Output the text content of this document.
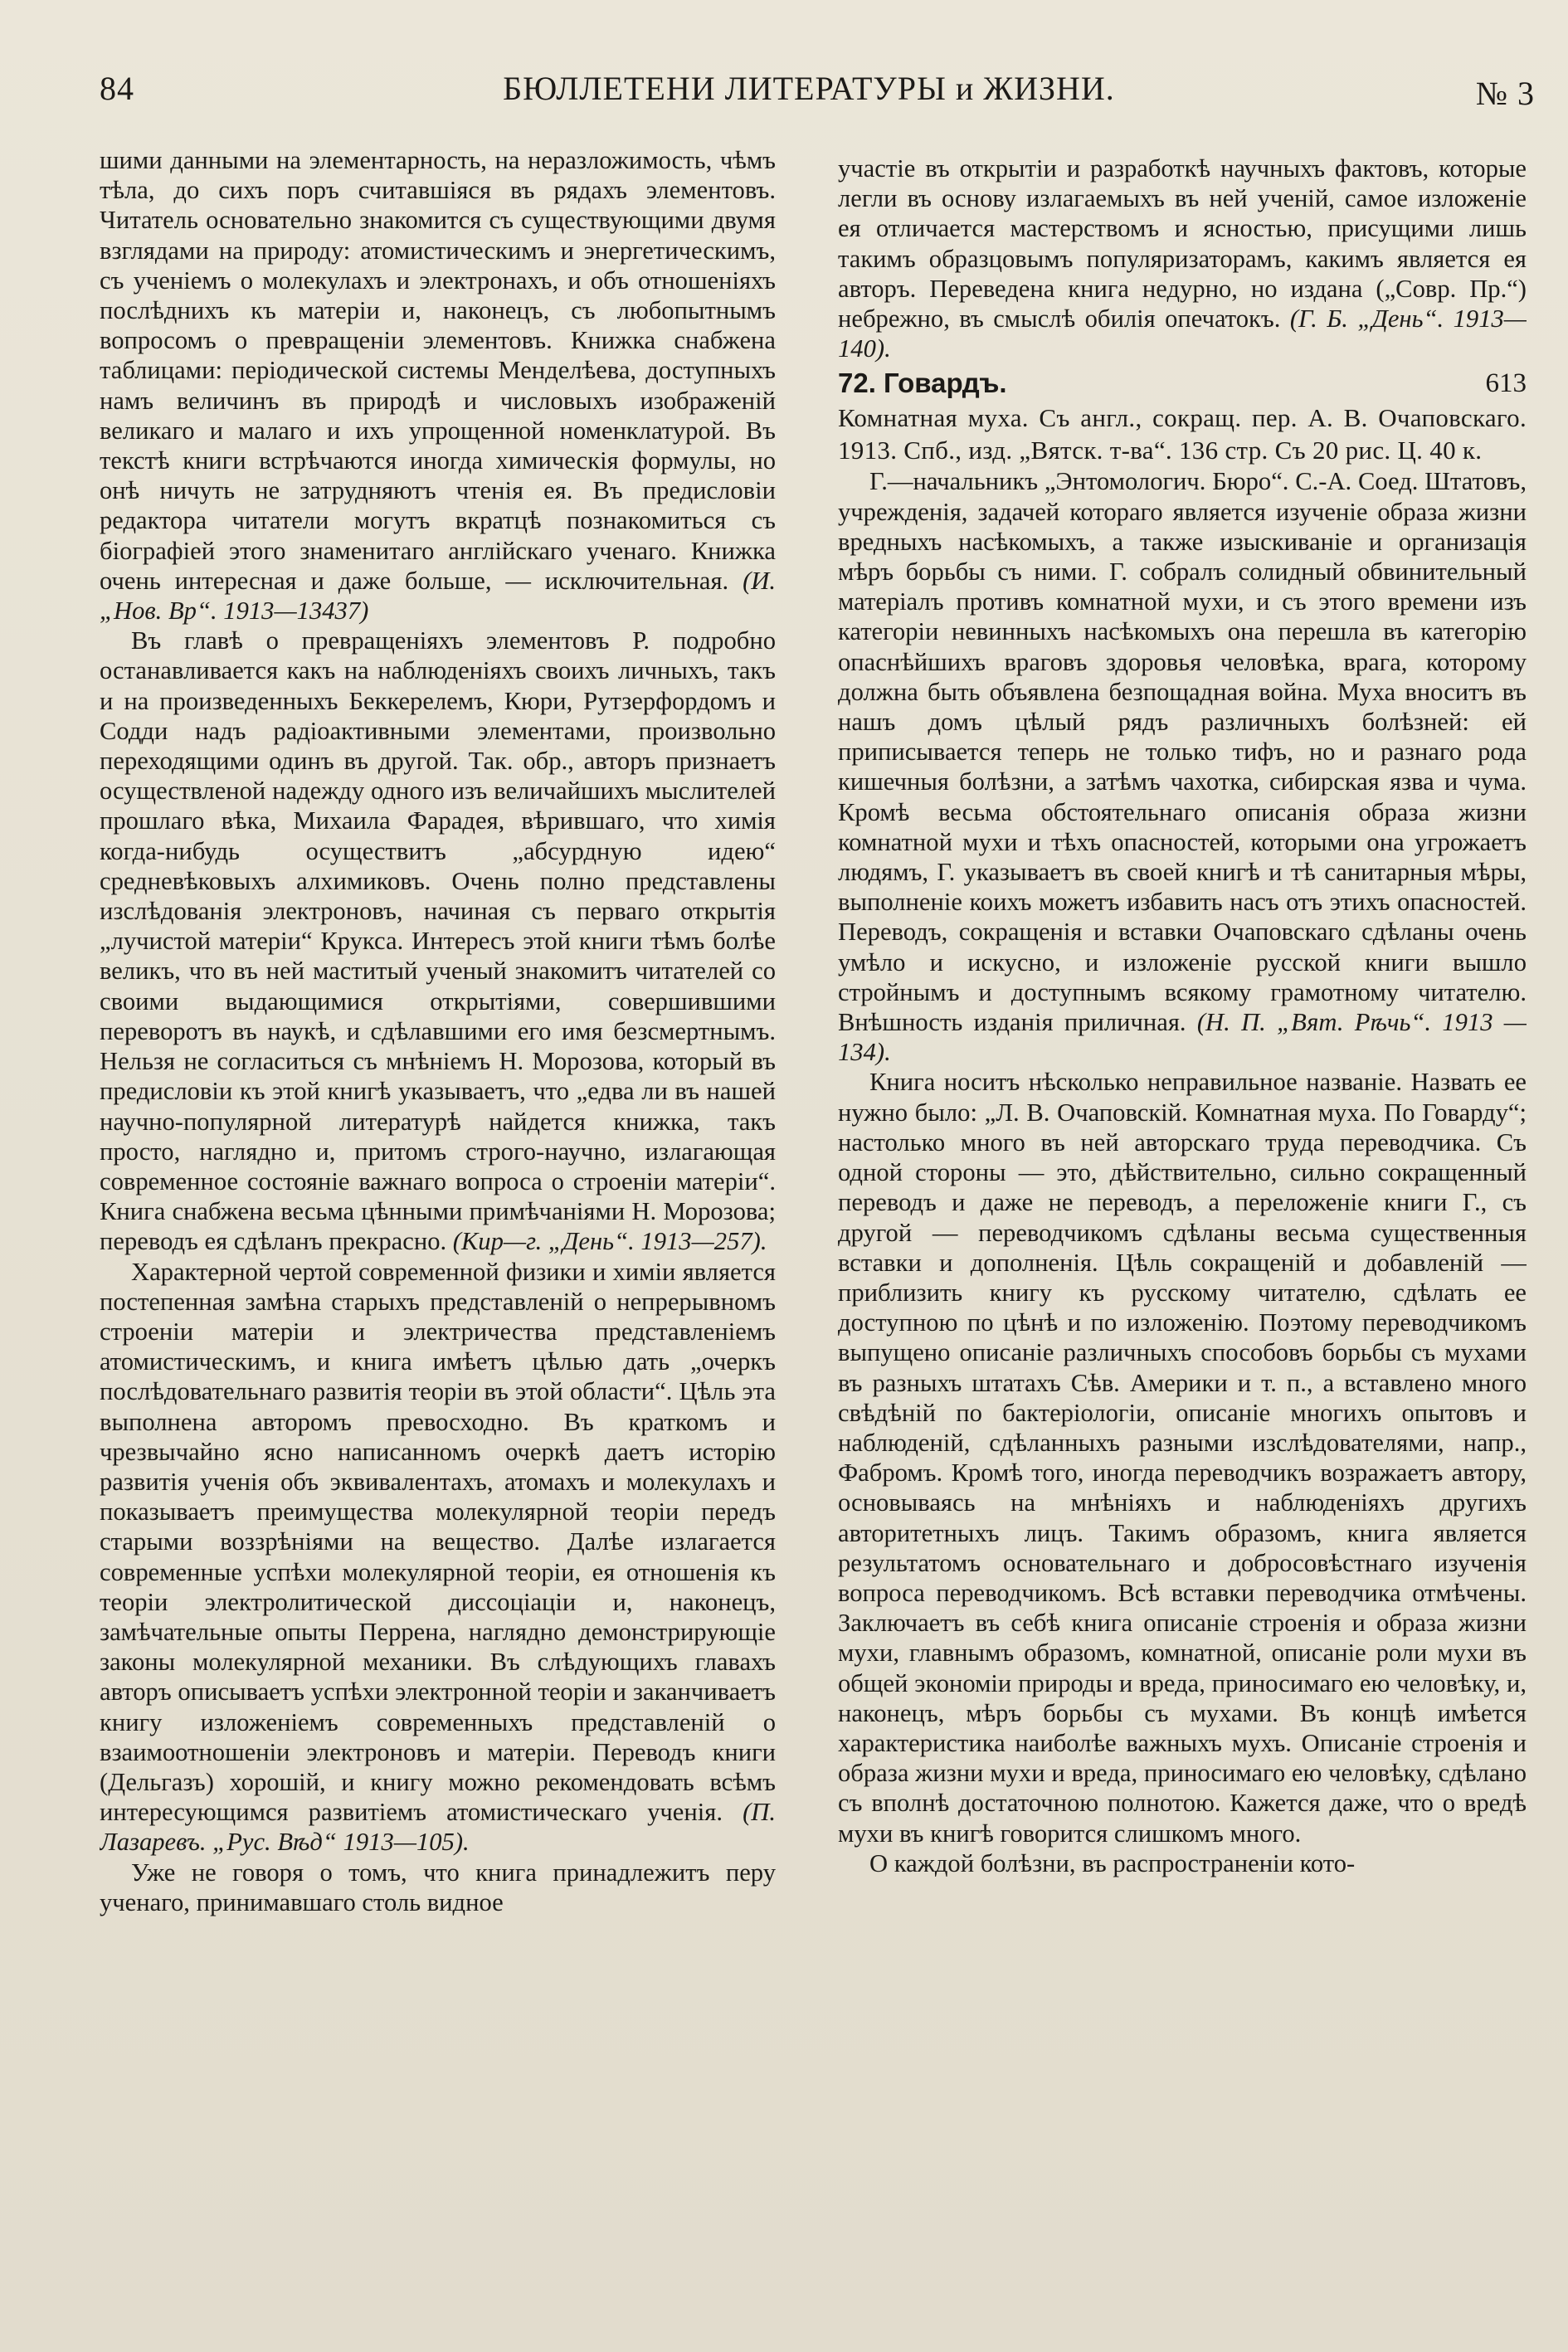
84	БЮЛЛЕТЕНИ ЛИТЕРАТУРЫ и ЖИЗНИ.	№ 3

шими данными на элементарность, на неразложимость, чѣмъ тѣла, до сихъ поръ считавшіяся въ рядахъ элементовъ. Читатель основательно знакомится съ существующими двумя взглядами на природу: атомистическимъ и энергетическимъ, съ ученіемъ о молекулахъ и электронахъ, и объ отношеніяхъ послѣднихъ къ матеріи и, наконецъ, съ любопытнымъ вопросомъ о превращеніи элементовъ. Книжка снабжена таблицами: періодической системы Менделѣева, доступныхъ намъ величинъ въ природѣ и числовыхъ изображеній великаго и малаго и ихъ упрощенной номенклатурой. Въ текстѣ книги встрѣчаются иногда химическія формулы, но онѣ ничуть не затрудняютъ чтенія ея. Въ предисловіи редактора читатели могутъ вкратцѣ познакомиться съ біографіей этого знаменитаго англійскаго ученаго. Книжка очень интересная и даже больше, — исключительная. (И. „Нов. Вр“. 1913—13437)

Въ главѣ о превращеніяхъ элементовъ Р. подробно останавливается какъ на наблюденіяхъ своихъ личныхъ, такъ и на произведенныхъ Беккерелемъ, Кюри, Рутзерфордомъ и Содди надъ радіоактивными элементами, произвольно переходящими одинъ въ другой. Так. обр., авторъ признаетъ осуществленой надежду одного изъ величайшихъ мыслителей прошлаго вѣка, Михаила Фарадея, вѣрившаго, что химія когда-нибудь осуществитъ „абсурдную идею“ средневѣковыхъ алхимиковъ. Очень полно представлены изслѣдованія электроновъ, начиная съ перваго открытія „лучистой матеріи“ Крукса. Интересъ этой книги тѣмъ болѣе великъ, что въ ней маститый ученый знакомитъ читателей со своими выдающимися открытіями, совершившими переворотъ въ наукѣ, и сдѣлавшими его имя безсмертнымъ. Нельзя не согласиться съ мнѣніемъ Н. Морозова, который въ предисловіи къ этой книгѣ указываетъ, что „едва ли въ нашей научно-популярной литературѣ найдется книжка, такъ просто, наглядно и, притомъ строго-научно, излагающая современное состояніе важнаго вопроса о строеніи матеріи“. Книга снабжена весьма цѣнными примѣчаніями Н. Морозова; переводъ ея сдѣланъ прекрасно. (Кир—г. „День“. 1913—257).

Характерной чертой современной физики и химіи является постепенная замѣна старыхъ представленій о непрерывномъ строеніи матеріи и электричества представленіемъ атомистическимъ, и книга имѣетъ цѣлью дать „очеркъ послѣдовательнаго развитія теоріи въ этой области“. Цѣль эта выполнена авторомъ превосходно. Въ краткомъ и чрезвычайно ясно написанномъ очеркѣ даетъ исторію развитія ученія объ эквивалентахъ, атомахъ и молекулахъ и показываетъ преимущества молекулярной теоріи передъ старыми воззрѣніями на вещество. Далѣе излагается современные успѣхи молекулярной теоріи, ея отношенія къ теоріи электролитической диссоціаціи и, наконецъ, замѣчательные опыты Перрена, наглядно демонстрирующіе законы молекулярной механики. Въ слѣдующихъ главахъ авторъ описываетъ успѣхи электронной теоріи и заканчиваетъ книгу изложеніемъ современныхъ представленій о взаимоотношеніи электроновъ и матеріи. Переводъ книги (Дельгазъ) хорошій, и книгу можно рекомендовать всѣмъ интересующимся развитіемъ атомистическаго ученія. (П. Лазаревъ. „Рус. Вѣд“ 1913—105).

Уже не говоря о томъ, что книга принадлежитъ перу ученаго, принимавшаго столь видное

участіе въ открытіи и разработкѣ научныхъ фактовъ, которые легли въ основу излагаемыхъ въ ней ученій, самое изложеніе ея отличается мастерствомъ и ясностью, присущими лишь такимъ образцовымъ популяризаторамъ, какимъ является ея авторъ. Переведена книга недурно, но издана („Совр. Пр.“) небрежно, въ смыслѣ обилія опечатокъ. (Г. Б. „День“. 1913—140).

72. Говардъ.	613

Комнатная муха. Съ англ., сокращ. пер. А. В. Очаповскаго. 1913. Спб., изд. „Вятск. т-ва“. 136 стр. Съ 20 рис. Ц. 40 к.

Г.—начальникъ „Энтомологич. Бюро“. С.-А. Соед. Штатовъ, учрежденія, задачей котораго является изученіе образа жизни вредныхъ насѣкомыхъ, а также изыскиваніе и организація мѣръ борьбы съ ними. Г. собралъ солидный обвинительный матеріалъ противъ комнатной мухи, и съ этого времени изъ категоріи невинныхъ насѣкомыхъ она перешла въ категорію опаснѣйшихъ враговъ здоровья человѣка, врага, которому должна быть объявлена безпощадная война. Муха вноситъ въ нашъ домъ цѣлый рядъ различныхъ болѣзней: ей приписывается теперь не только тифъ, но и разнаго рода кишечныя болѣзни, а затѣмъ чахотка, сибирская язва и чума. Кромѣ весьма обстоятельнаго описанія образа жизни комнатной мухи и тѣхъ опасностей, которыми она угрожаетъ людямъ, Г. указываетъ въ своей книгѣ и тѣ санитарныя мѣры, выполненіе коихъ можетъ избавить насъ отъ этихъ опасностей. Переводъ, сокращенія и вставки Очаповскаго сдѣланы очень умѣло и искусно, и изложеніе русской книги вышло стройнымъ и доступнымъ всякому грамотному читателю. Внѣшность изданія приличная. (Н. П. „Вят. Рѣчь“. 1913 — 134).

Книга носитъ нѣсколько неправильное названіе. Назвать ее нужно было: „Л. В. Очаповскій. Комнатная муха. По Говарду“; настолько много въ ней авторскаго труда переводчика. Съ одной стороны — это, дѣйствительно, сильно сокращенный переводъ и даже не переводъ, а переложеніе книги Г., съ другой — переводчикомъ сдѣланы весьма существенныя вставки и дополненія. Цѣль сокращеній и добавленій — приблизить книгу къ русскому читателю, сдѣлать ее доступною по цѣнѣ и по изложенію. Поэтому переводчикомъ выпущено описаніе различныхъ способовъ борьбы съ мухами въ разныхъ штатахъ Сѣв. Америки и т. п., а вставлено много свѣдѣній по бактеріологіи, описаніе многихъ опытовъ и наблюденій, сдѣланныхъ разными изслѣдователями, напр., Фабромъ. Кромѣ того, иногда переводчикъ возражаетъ автору, основываясь на мнѣніяхъ и наблюденіяхъ другихъ авторитетныхъ лицъ. Такимъ образомъ, книга является результатомъ основательнаго и добросовѣстнаго изученія вопроса переводчикомъ. Всѣ вставки переводчика отмѣчены. Заключаетъ въ себѣ книга описаніе строенія и образа жизни мухи, главнымъ образомъ, комнатной, описаніе роли мухи въ общей экономіи природы и вреда, приносимаго ею человѣку, и, наконецъ, мѣръ борьбы съ мухами. Въ концѣ имѣется характеристика наиболѣе важныхъ мухъ. Описаніе строенія и образа жизни мухи и вреда, приносимаго ею человѣку, сдѣлано съ вполнѣ достаточною полнотою. Кажется даже, что о вредѣ мухи въ книгѣ говорится слишкомъ много.

О каждой болѣзни, въ распространеніи кото-
